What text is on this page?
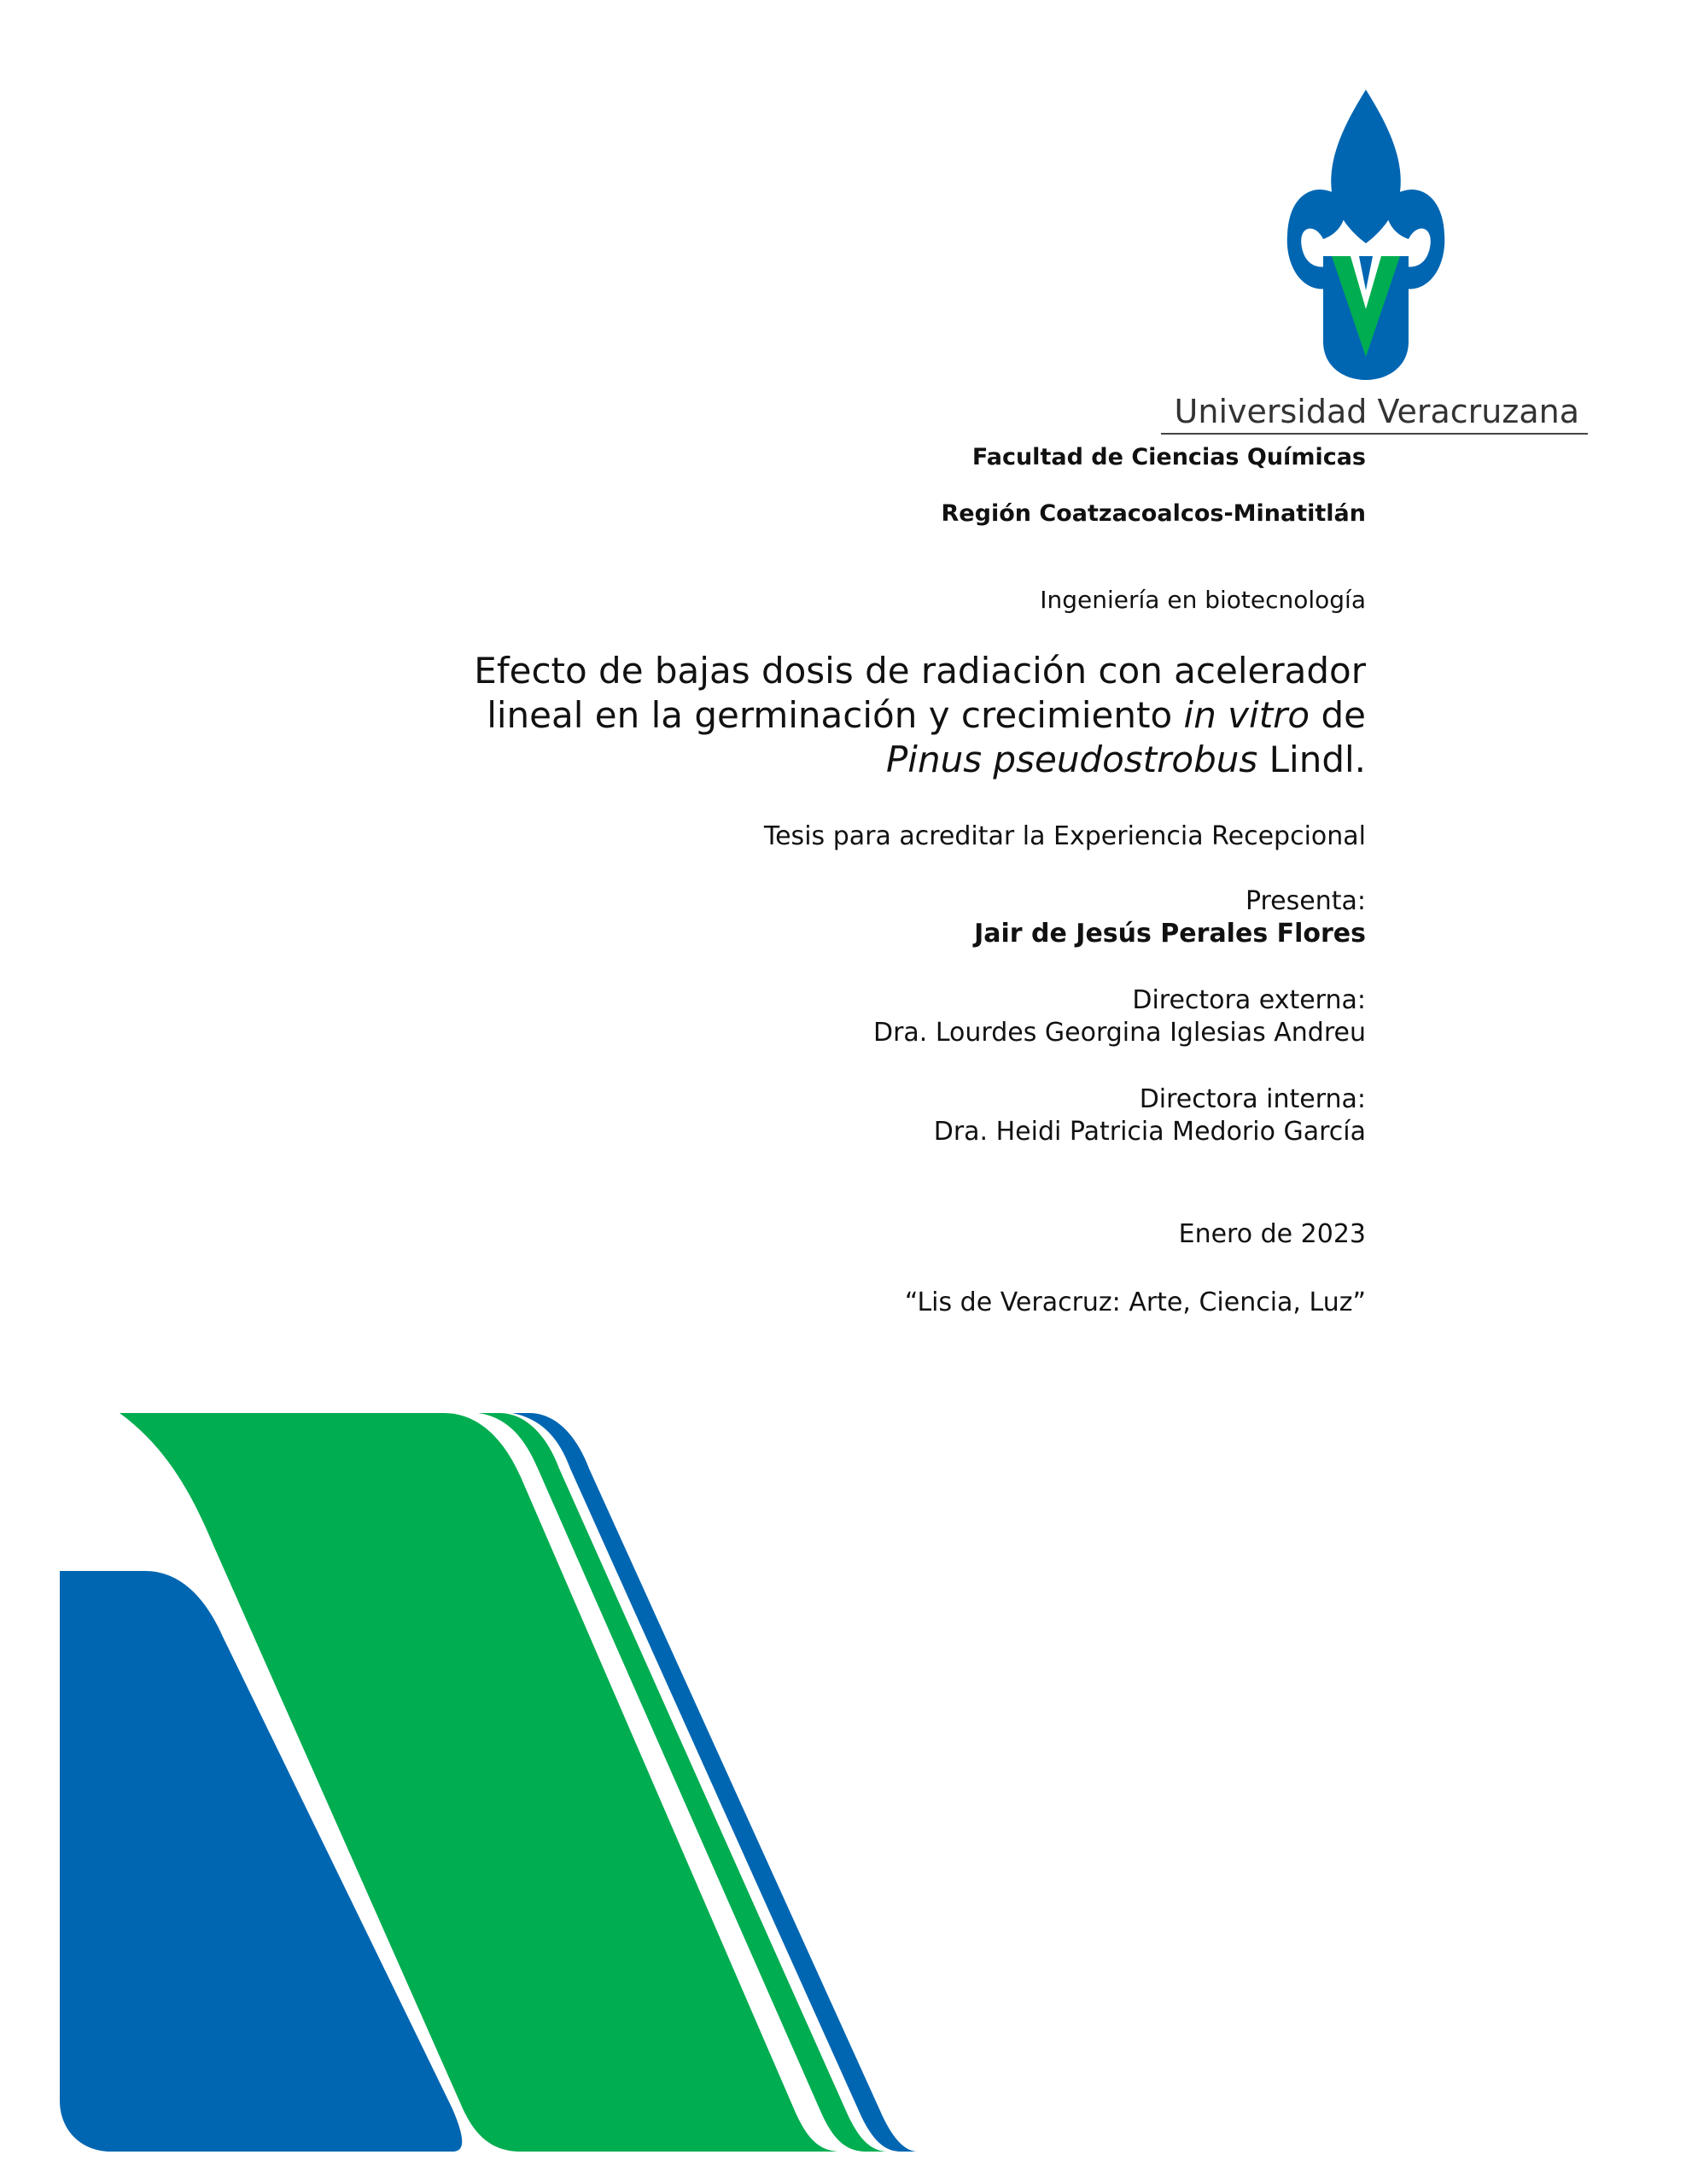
Universidad Veracruzana
Facultad de Ciencias Químicas
Región Coatzacoalcos-Minatitlán
Ingeniería en biotecnología
Efecto de bajas dosis de radiación con acelerador lineal en la germinación y crecimiento in vitro de Pinus pseudostrobus Lindl.
Tesis para acreditar la Experiencia Recepcional
Presenta:
Jair de Jesús Perales Flores
Directora externa:
Dra. Lourdes Georgina Iglesias Andreu
Directora interna:
Dra. Heidi Patricia Medorio García
Enero de 2023
“Lis de Veracruz: Arte, Ciencia, Luz”
